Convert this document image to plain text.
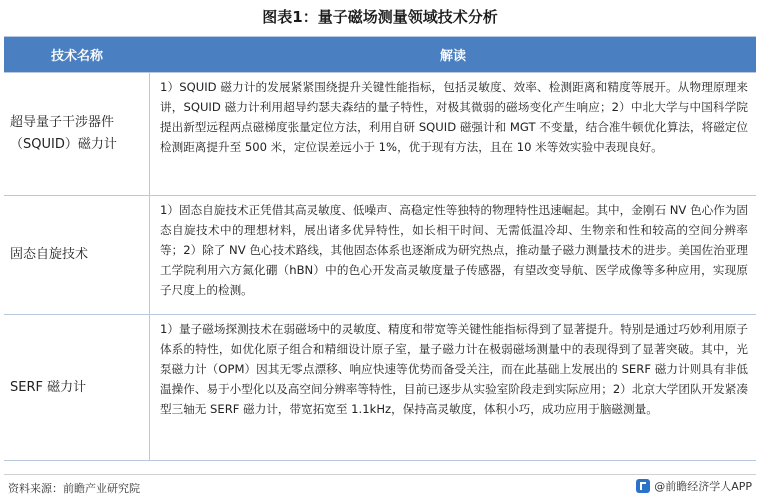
图表1：量子磁场测量领域技术分析
技术名称	解读
超导量子干涉器件（SQUID）磁力计
1）SQUID 磁力计的发展紧紧围绕提升关键性能指标，包括灵敏度、效率、检测距离和精度等展开。从物理原理来讲，SQUID 磁力计利用超导约瑟夫森结的量子特性，对极其微弱的磁场变化产生响应；2）中北大学与中国科学院提出新型远程两点磁梯度张量定位方法，利用自研 SQUID 磁强计和 MGT 不变量，结合准牛顿优化算法，将磁定位检测距离提升至 500 米，定位误差远小于 1%，优于现有方法，且在 10 米等效实验中表现良好。
固态自旋技术
1）固态自旋技术正凭借其高灵敏度、低噪声、高稳定性等独特的物理特性迅速崛起。其中，金刚石 NV 色心作为固态自旋技术中的理想材料，展出诸多优异特性，如长相干时间、无需低温冷却、生物亲和性和较高的空间分辨率等；2）除了 NV 色心技术路线，其他固态体系也逐渐成为研究热点，推动量子磁力测量技术的进步。美国佐治亚理工学院利用六方氮化硼（hBN）中的色心开发高灵敏度量子传感器，有望改变导航、医学成像等多种应用，实现原子尺度上的检测。
SERF 磁力计
1）量子磁场探测技术在弱磁场中的灵敏度、精度和带宽等关键性能指标得到了显著提升。特别是通过巧妙利用原子体系的特性，如优化原子组合和精细设计原子室，量子磁力计在极弱磁场测量中的表现得到了显著突破。其中，光泵磁力计（OPM）因其无零点漂移、响应快速等优势而备受关注，而在此基础上发展出的 SERF 磁力计则具有非低温操作、易于小型化以及高空间分辨率等特性，目前已逐步从实验室阶段走到实际应用；2）北京大学团队开发紧凑型三轴无 SERF 磁力计，带宽拓宽至 1.1kHz，保持高灵敏度，体积小巧，成功应用于脑磁测量。
资料来源：前瞻产业研究院	@前瞻经济学人APP
